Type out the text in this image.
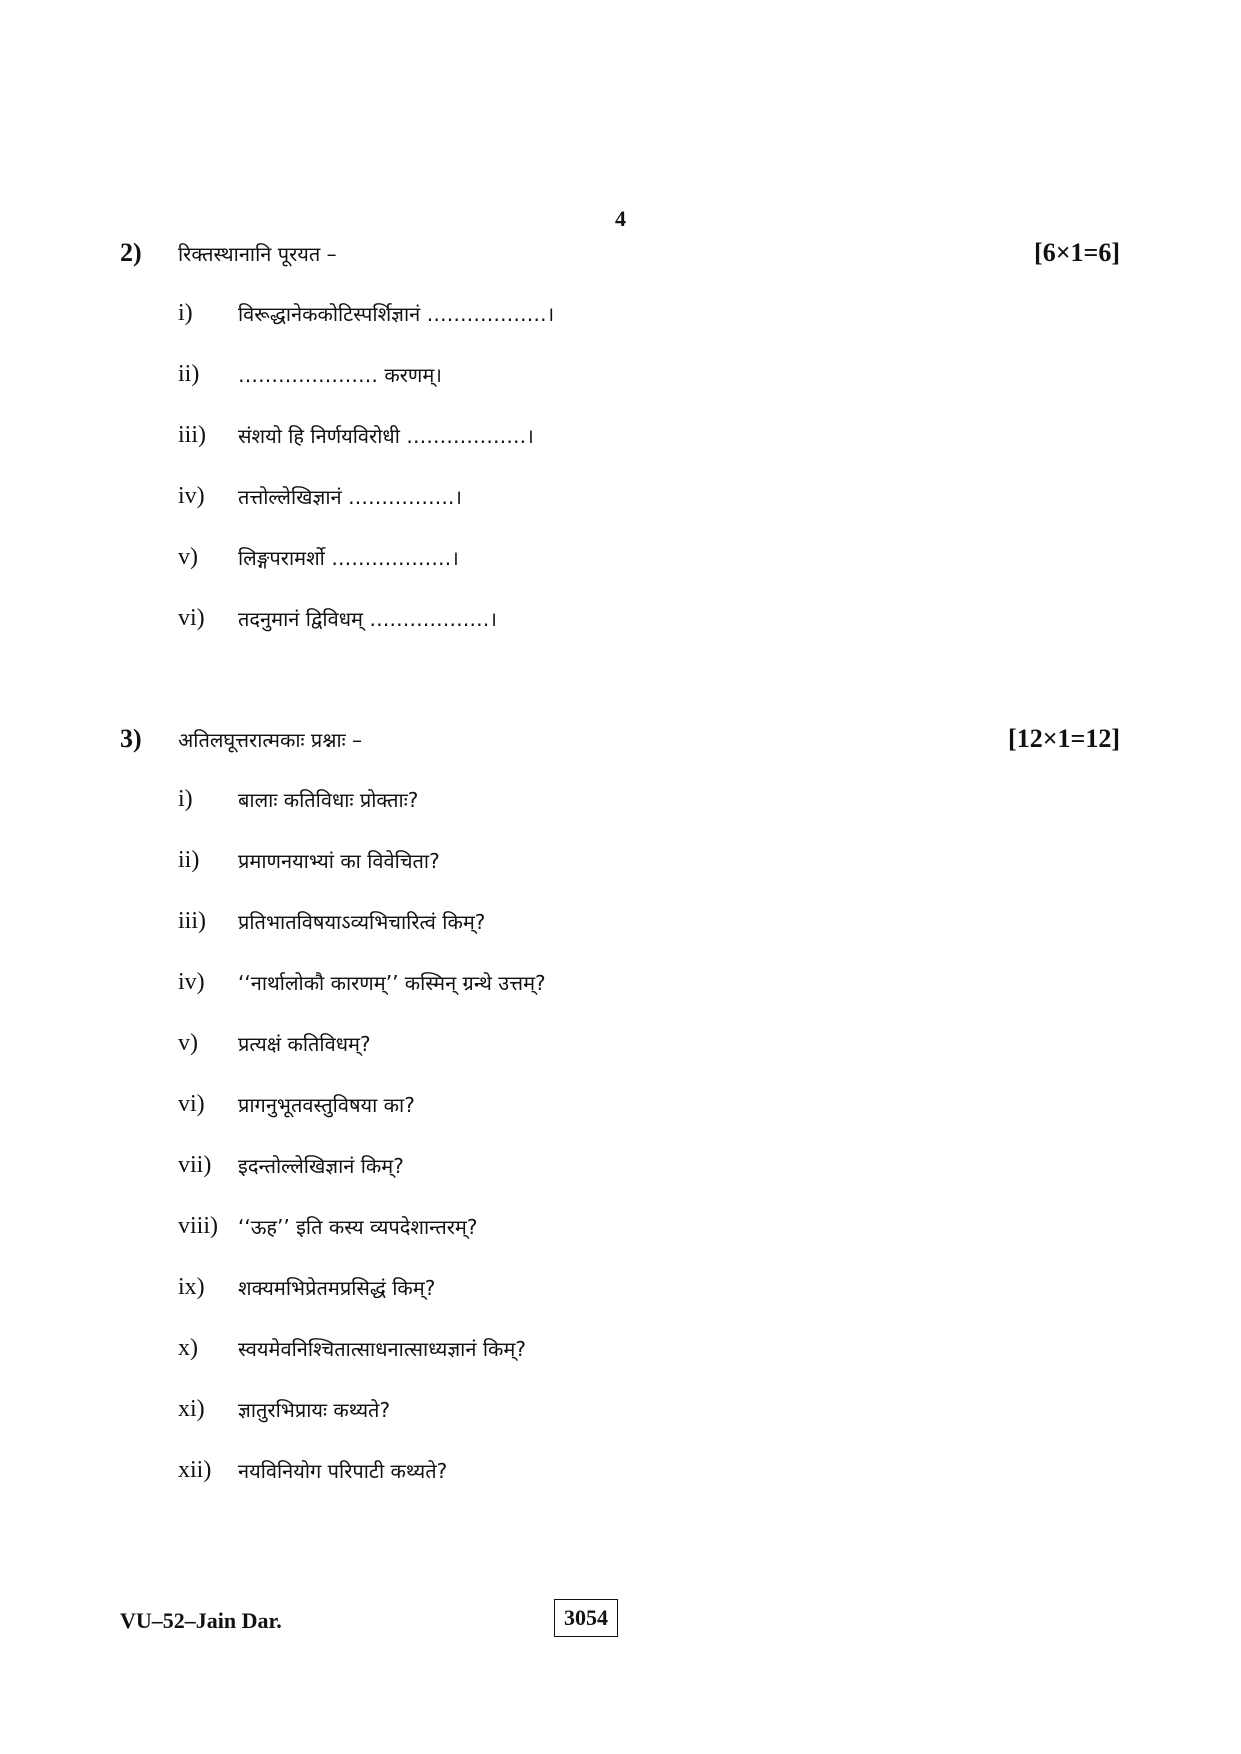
4
2) रिक्तस्थानानि पूरयत –	[6×1=6]
i) विरूद्धानेककोटिस्पर्शिज्ञानं ………………।
ii) ………………… करणम्।
iii) संशयो हि निर्णयविरोधी ………………।
iv) तत्तोल्लेखिज्ञानं …………….।
v) लिङ्गपरामर्शो ………………।
vi) तदनुमानं द्विविधम् ………………।
3) अतिलघूत्तरात्मकाः प्रश्नाः –	[12×1=12]
i) बालाः कतिविधाः प्रोक्ताः?
ii) प्रमाणनयाभ्यां का विवेचिता?
iii) प्रतिभातविषयाऽव्यभिचारित्वं किम्?
iv) ‘‘नार्थालोकौ कारणम्’’ कस्मिन् ग्रन्थे उत्तम्?
v) प्रत्यक्षं कतिविधम्?
vi) प्रागनुभूतवस्तुविषया का?
vii) इदन्तोल्लेखिज्ञानं किम्?
viii) ‘‘ऊह’’ इति कस्य व्यपदेशान्तरम्?
ix) शक्यमभिप्रेतमप्रसिद्धं किम्?
x) स्वयमेवनिश्चितात्साधनात्साध्यज्ञानं किम्?
xi) ज्ञातुरभिप्रायः कथ्यते?
xii) नयविनियोग परिपाटी कथ्यते?
VU–52–Jain Dar.	3054
